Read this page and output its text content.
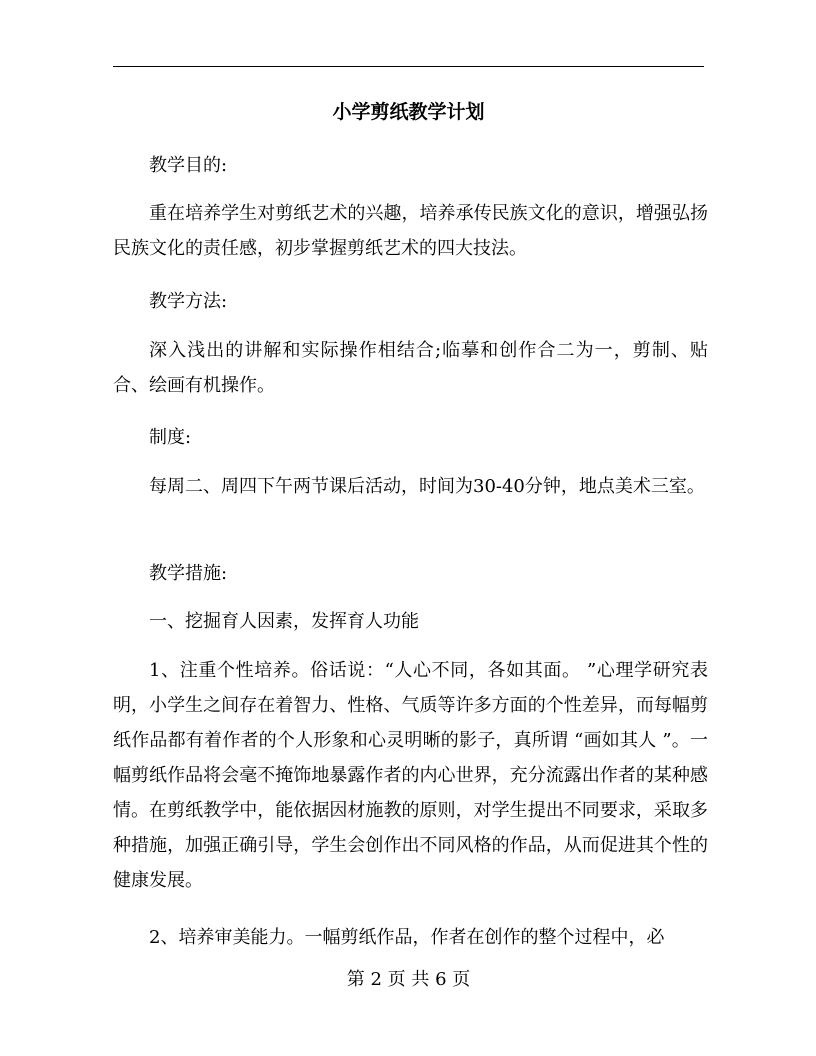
小学剪纸教学计划

教学目的:

重在培养学生对剪纸艺术的兴趣，培养承传民族文化的意识，增强弘扬民族文化的责任感，初步掌握剪纸艺术的四大技法。

教学方法:

深入浅出的讲解和实际操作相结合;临摹和创作合二为一，剪制、贴合、绘画有机操作。

制度:

每周二、周四下午两节课后活动，时间为30-40分钟，地点美术三室。

教学措施:

一、挖掘育人因素，发挥育人功能

1、注重个性培养。俗话说：“人心不同，各如其面。 ”心理学研究表明，小学生之间存在着智力、性格、气质等许多方面的个性差异，而每幅剪纸作品都有着作者的个人形象和心灵明晰的影子，真所谓 “画如其人 ”。一幅剪纸作品将会毫不掩饰地暴露作者的内心世界，充分流露出作者的某种感情。在剪纸教学中，能依据因材施教的原则，对学生提出不同要求，采取多种措施，加强正确引导，学生会创作出不同风格的作品，从而促进其个性的健康发展。

2、培养审美能力。一幅剪纸作品，作者在创作的整个过程中，必

第 2 页 共 6 页
